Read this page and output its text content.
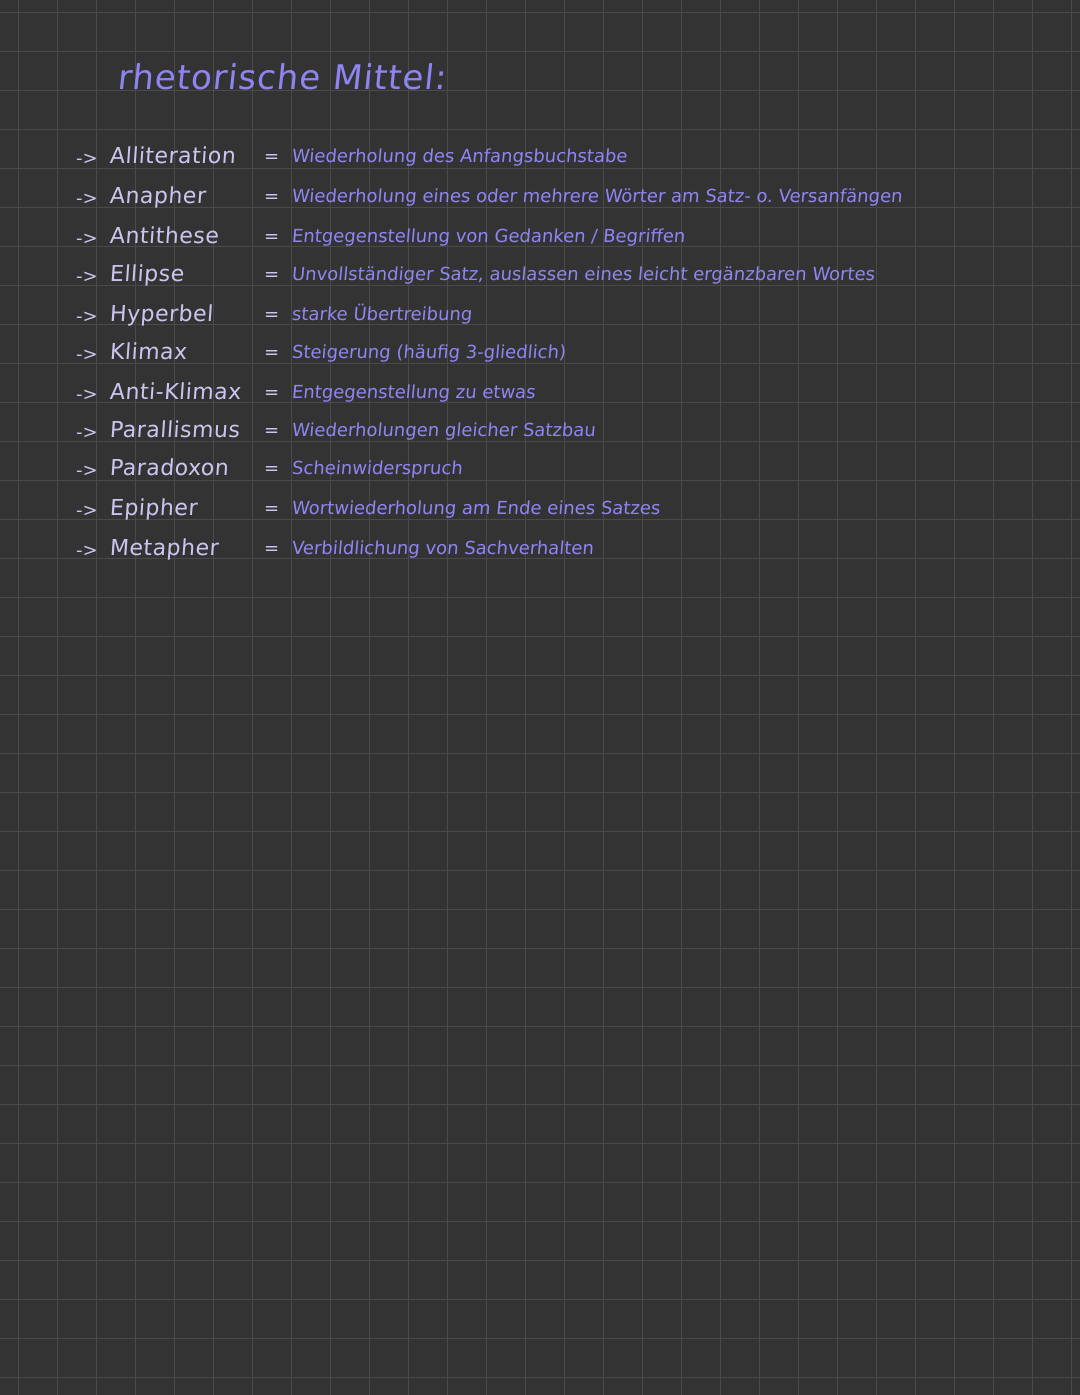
rhetorische Mittel:
-> Alliteration = Wiederholung des Anfangsbuchstabe
-> Anapher	= Wiederholung eines oder mehrere Wörter am Satz- o. Versanfängen
-> Antithese = Entgegenstellung von Gedanken / Begriffen
-> Ellipse	= Unvollständiger Satz, auslassen eines leicht ergänzbaren Wortes
-> Hyperbel	= starke Übertreibung
-> Klimax	= Steigerung (häufig 3-gliedlich)
-> Anti-Klimax = Entgegenstellung zu etwas
-> Parallismus = Wiederholungen gleicher Satzbau
-> Paradoxon = Scheinwiderspruch
-> Epipher	= Wortwiederholung am Ende eines Satzes
-> Metapher = Verbildlichung von Sachverhalten
